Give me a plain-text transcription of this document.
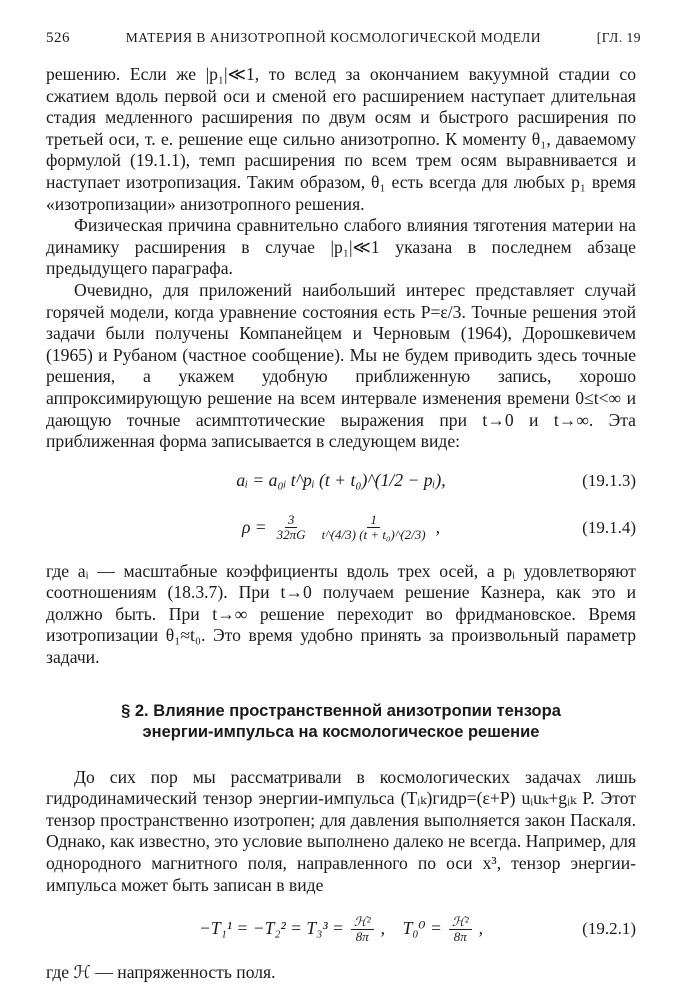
526	МАТЕРИЯ В АНИЗОТРОПНОЙ КОСМОЛОГИЧЕСКОЙ МОДЕЛИ	[ГЛ. 19

решению. Если же |p₁|≪1, то вслед за окончанием вакуумной стадии со сжатием вдоль первой оси и сменой его расширением наступает длительная стадия медленного расширения по двум осям и быстрого расширения по третьей оси, т. е. решение еще сильно анизотропно. К моменту θ₁, даваемому формулой (19.1.1), темп расширения по всем трем осям выравнивается и наступает изотропизация. Таким образом, θ₁ есть всегда для любых p₁ время «изотропизации» анизотропного решения.

Физическая причина сравнительно слабого влияния тяготения материи на динамику расширения в случае |p₁|≪1 указана в последнем абзаце предыдущего параграфа.

Очевидно, для приложений наибольший интерес представляет случай горячей модели, когда уравнение состояния есть P=ε/3. Точные решения этой задачи были получены Компанейцем и Черновым (1964), Дорошкевичем (1965) и Рубаном (частное сообщение). Мы не будем приводить здесь точные решения, а укажем удобную приближенную запись, хорошо аппроксимирующую решение на всем интервале изменения времени 0≤t<∞ и дающую точные асимптотические выражения при t→0 и t→∞. Эта приближенная форма записывается в следующем виде:

aᵢ = a₀ᵢ t^pᵢ (t + t₀)^(1/2 − pᵢ),	(19.1.3)
$\rho = \frac{3}{32\pi G} \frac{1}{\text{t\textasciicircum{}(4/3) (t + t₀)\textasciicircum{}(2/3)}}$ ,	(19.1.4)

где aᵢ — масштабные коэффициенты вдоль трех осей, а pᵢ удовлетворяют соотношениям (18.3.7). При t→0 получаем решение Казнера, как это и должно быть. При t→∞ решение переходит во фридмановское. Время изотропизации θ₁≈t₀. Это время удобно принять за произвольный параметр задачи.

§ 2. Влияние пространственной анизотропии тензора
энергии-импульса на космологическое решение

До сих пор мы рассматривали в космологических задачах лишь гидродинамический тензор энергии-импульса (Tᵢₖ)гидр=(ε+P) uᵢuₖ+gᵢₖ P. Этот тензор пространственно изотропен; для давления выполняется закон Паскаля. Однако, как известно, это условие выполнено далеко не всегда. Например, для однородного магнитного поля, направленного по оси x³, тензор энергии-импульса может быть записан в виде

$-T_1^1 = -T_2^2 = T_3^3 = \frac{\text{ℋ²}}{8\pi}$ ,    $T_0^0 = \frac{\text{ℋ²}}{8\pi}$ ,	(19.2.1)

где ℋ — напряженность поля.
